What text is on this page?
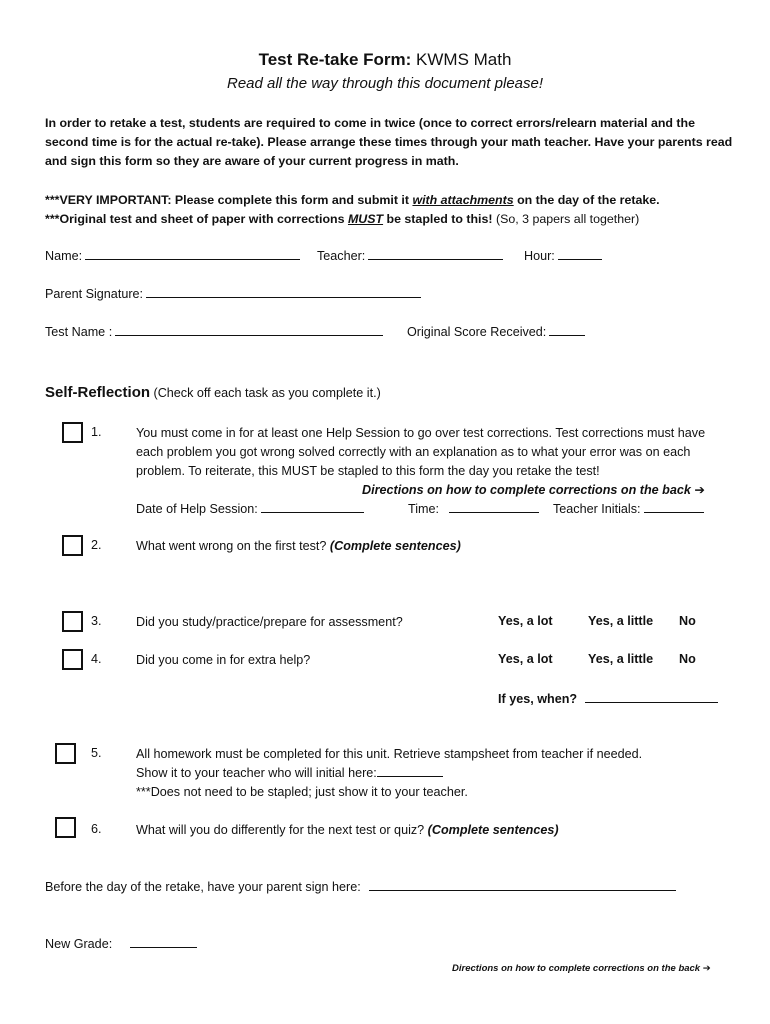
Test Re-take Form: KWMS Math
Read all the way through this document please!
In order to retake a test, students are required to come in twice (once to correct errors/relearn material and the second time is for the actual re-take). Please arrange these times through your math teacher. Have your parents read and sign this form so they are aware of your current progress in math.
***VERY IMPORTANT: Please complete this form and submit it with attachments on the day of the retake.
***Original test and sheet of paper with corrections MUST be stapled to this! (So, 3 papers all together)
Name:	Teacher:	Hour:
Parent Signature:
Test Name :	Original Score Received:
Self-Reflection (Check off each task as you complete it.)
1.	You must come in for at least one Help Session to go over test corrections. Test corrections must have each problem you got wrong solved correctly with an explanation as to what your error was on each problem. To reiterate, this MUST be stapled to this form the day you retake the test!
Directions on how to complete corrections on the back ➔
Date of Help Session:	Time:	Teacher Initials:
2.	What went wrong on the first test? (Complete sentences)
3.	Did you study/practice/prepare for assessment?	Yes, a lot	Yes, a little No
4.	Did you come in for extra help?	Yes, a lot	Yes, a little No
If yes, when?
5.	All homework must be completed for this unit. Retrieve stampsheet from teacher if needed.
Show it to your teacher who will initial here:
***Does not need to be stapled; just show it to your teacher.
6.	What will you do differently for the next test or quiz? (Complete sentences)
Before the day of the retake, have your parent sign here:
New Grade:
Directions on how to complete corrections on the back ➔
